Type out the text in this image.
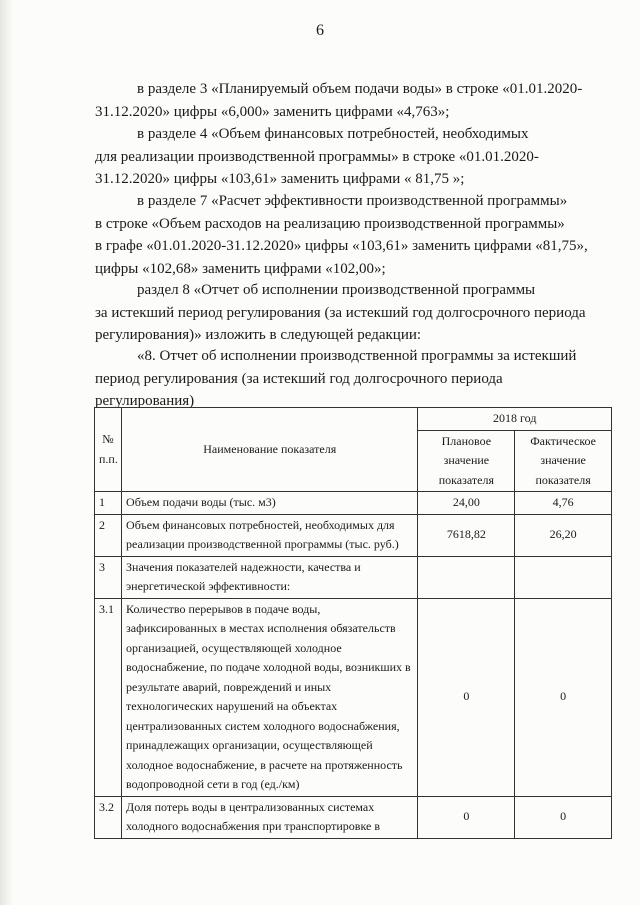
6

в разделе 3 «Планируемый объем подачи воды» в строке «01.01.2020-
31.12.2020» цифры «6,000» заменить цифрами «4,763»;

в разделе 4 «Объем финансовых потребностей, необходимых
для реализации производственной программы» в строке «01.01.2020-
31.12.2020» цифры «103,61» заменить цифрами « 81,75 »;

в разделе 7 «Расчет эффективности производственной программы»
в строке «Объем расходов на реализацию производственной программы»
в графе «01.01.2020-31.12.2020» цифры «103,61» заменить цифрами «81,75»,
цифры «102,68» заменить цифрами «102,00»;

раздел 8 «Отчет об исполнении производственной программы
за истекший период регулирования (за истекший год долгосрочного периода
регулирования)» изложить в следующей редакции:

«8. Отчет об исполнении производственной программы за истекший
период регулирования (за истекший год долгосрочного периода
регулирования)

№ п.п.	Наименование показателя	2018 год	
		Плановое значение показателя	Фактическое значение показателя
1	Объем подачи воды (тыс. м3)	24,00	4,76
2	Объем финансовых потребностей, необходимых для реализации производственной программы (тыс. руб.)	7618,82	26,20
3	Значения показателей надежности, качества и энергетической эффективности:		
3.1	Количество перерывов в подаче воды, зафиксированных в местах исполнения обязательств организацией, осуществляющей холодное водоснабжение, по подаче холодной воды, возникших в результате аварий, повреждений и иных технологических нарушений на объектах централизованных систем холодного водоснабжения, принадлежащих организации, осуществляющей холодное водоснабжение, в расчете на протяженность водопроводной сети в год (ед./км)	0	0
3.2	Доля потерь воды в централизованных системах холодного водоснабжения при транспортировке в	0	0
